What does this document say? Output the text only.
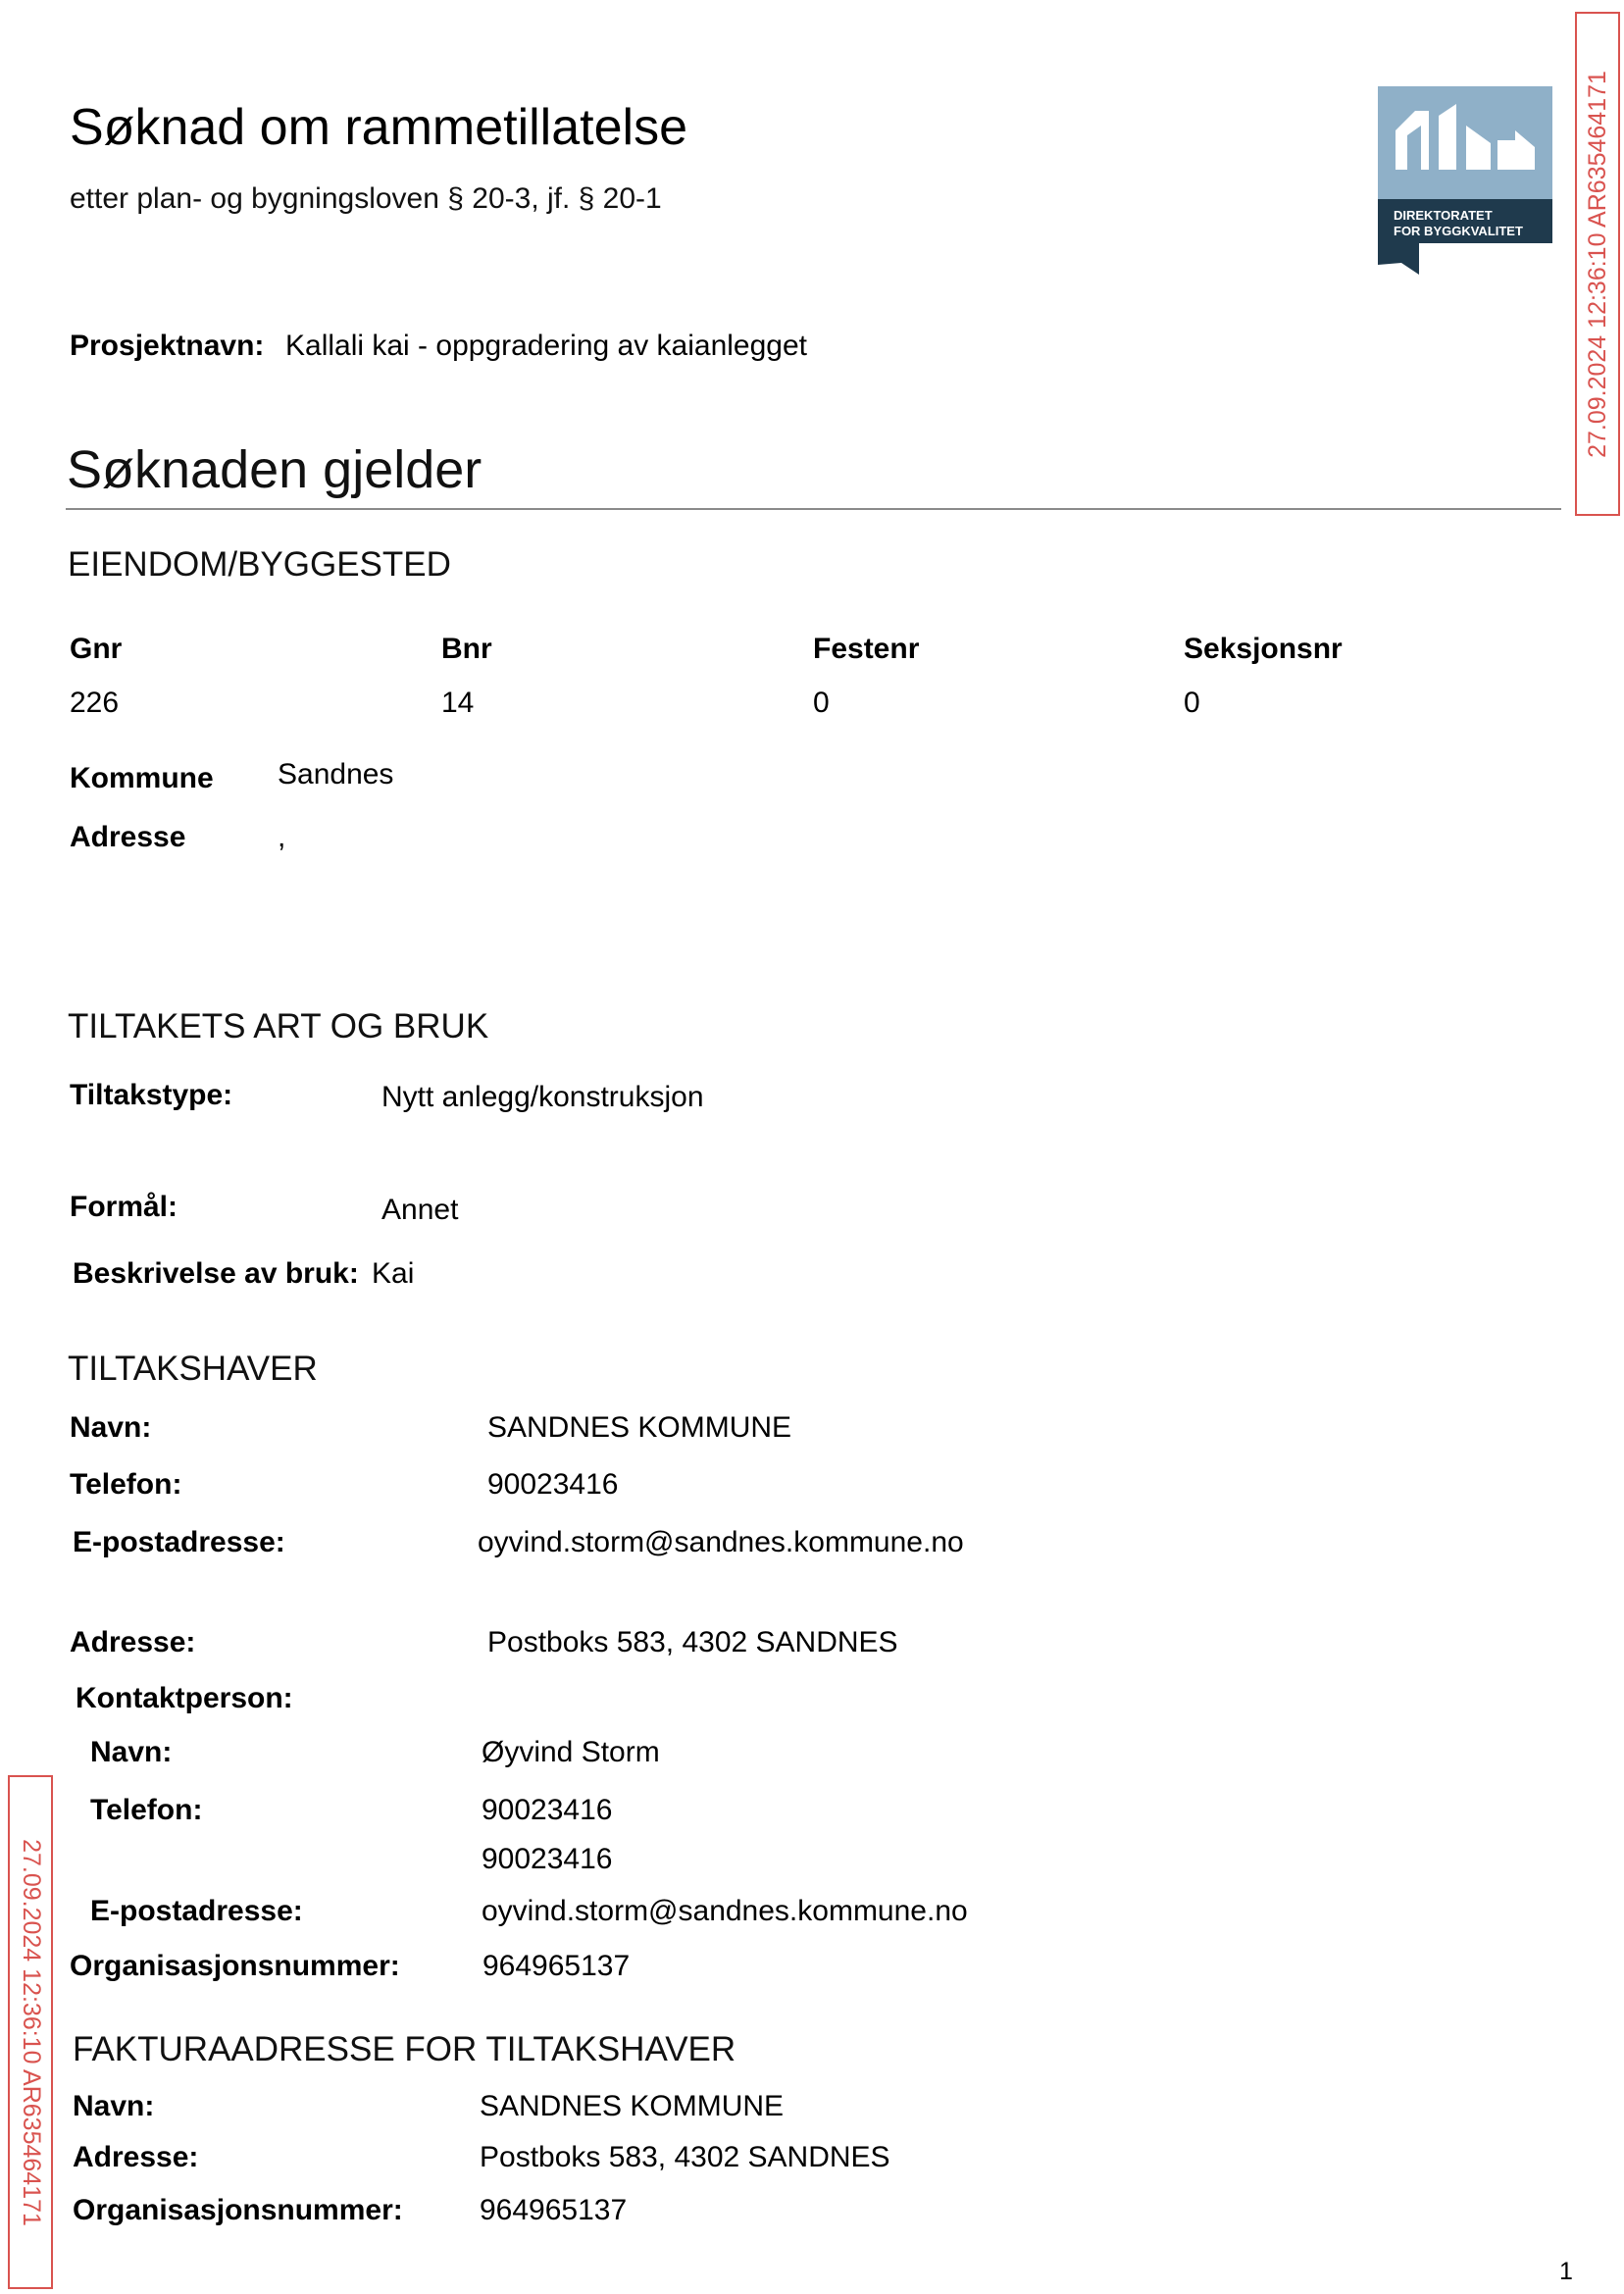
Søknad om rammetillatelse
etter plan- og bygningsloven § 20-3, jf. § 20-1
DIREKTORATET
FOR BYGGKVALITET 27.09.2024 12:36:10 AR635464171
27.09.2024 12:36:10 AR635464171
Prosjektnavn: Kallali kai - oppgradering av kaianlegget
Søknaden gjelder
EIENDOM/BYGGESTED
Gnr	Bnr	Festenr	Seksjonsnr
226	14	0	0
Kommune Sandnes
Adresse	,
TILTAKETS ART OG BRUK
Tiltakstype:	Nytt anlegg/konstruksjon
Formål:	Annet
Beskrivelse av bruk: Kai
TILTAKSHAVER
Navn:	SANDNES KOMMUNE
Telefon:	90023416
E-postadresse:	oyvind.storm@sandnes.kommune.no
Adresse:	Postboks 583, 4302 SANDNES
Kontaktperson:
Navn:	Øyvind Storm
Telefon:	90023416
90023416
E-postadresse:	oyvind.storm@sandnes.kommune.no
Organisasjonsnummer:	964965137
FAKTURAADRESSE FOR TILTAKSHAVER
Navn:	SANDNES KOMMUNE
Adresse:	Postboks 583, 4302 SANDNES
Organisasjonsnummer:	964965137
1
